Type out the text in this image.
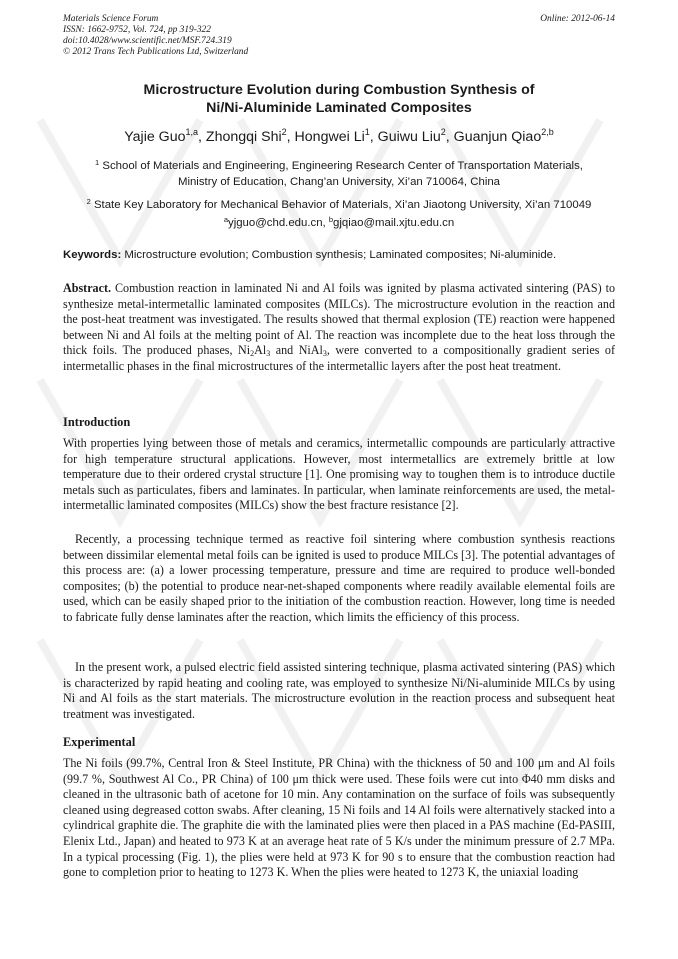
Materials Science Forum
ISSN: 1662-9752, Vol. 724, pp 319-322
doi:10.4028/www.scientific.net/MSF.724.319
© 2012 Trans Tech Publications Ltd, Switzerland
Online: 2012-06-14
Microstructure Evolution during Combustion Synthesis of
Ni/Ni-Aluminide Laminated Composites
Yajie Guo$^{1,a}$, Zhongqi Shi$^2$, Hongwei Li$^1$, Guiwu Liu$^2$, Guanjun Qiao$^{2,b}$
$^1$ School of Materials and Engineering, Engineering Research Center of Transportation Materials,
Ministry of Education, Chang’an University, Xi’an 710064, China
$^2$ State Key Laboratory for Mechanical Behavior of Materials, Xi’an Jiaotong University, Xi’an 710049
$^a$yjguo@chd.edu.cn, $^b$gjqiao@mail.xjtu.edu.cn
Keywords: Microstructure evolution; Combustion synthesis; Laminated composites; Ni-aluminide.
Abstract. Combustion reaction in laminated Ni and Al foils was ignited by plasma activated sintering (PAS) to synthesize metal-intermetallic laminated composites (MILCs). The microstructure evolution in the reaction and the post-heat treatment was investigated. The results showed that thermal explosion (TE) reaction were happened between Ni and Al foils at the melting point of Al. The reaction was incomplete due to the heat loss through the thick foils. The produced phases, $Ni_2Al_3$ and NiAl$_3$, were converted to a compositionally gradient series of intermetallic phases in the final microstructures of the intermetallic layers after the post heat treatment.
Introduction
With properties lying between those of metals and ceramics, intermetallic compounds are particularly attractive for high temperature structural applications. However, most intermetallics are extremely brittle at low temperature due to their ordered crystal structure [1]. One promising way to toughen them is to introduce ductile metals such as particulates, fibers and laminates. In particular, when laminate reinforcements are used, the metal-intermetallic laminated composites (MILCs) show the best fracture resistance [2].
Recently, a processing technique termed as reactive foil sintering where combustion synthesis reactions between dissimilar elemental metal foils can be ignited is used to produce MILCs [3]. The potential advantages of this process are: (a) a lower processing temperature, pressure and time are required to produce well-bonded composites; (b) the potential to produce near-net-shaped components where readily available elemental foils are used, which can be easily shaped prior to the initiation of the combustion reaction. However, long time is needed to fabricate fully dense laminates after the reaction, which limits the efficiency of this process.
In the present work, a pulsed electric field assisted sintering technique, plasma activated sintering (PAS) which is characterized by rapid heating and cooling rate, was employed to synthesize Ni/Ni-aluminide MILCs by using Ni and Al foils as the start materials. The microstructure evolution in the reaction process and subsequent heat treatment was investigated.
Experimental
The Ni foils (99.7%, Central Iron & Steel Institute, PR China) with the thickness of 50 and 100 μm and Al foils (99.7 %, Southwest Al Co., PR China) of 100 μm thick were used. These foils were cut into Φ40 mm disks and cleaned in the ultrasonic bath of acetone for 10 min. Any contamination on the surface of foils was subsequently cleaned using degreased cotton swabs. After cleaning, 15 Ni foils and 14 Al foils were alternatively stacked into a cylindrical graphite die. The graphite die with the laminated plies were then placed in a PAS machine (Ed-PASIII, Elenix Ltd., Japan) and heated to 973 K at an average heat rate of 5 K/s under the minimum pressure of 2.7 MPa. In a typical processing (Fig. 1), the plies were held at 973 K for 90 s to ensure that the combustion reaction had gone to completion prior to heating to 1273 K. When the plies were heated to 1273 K, the uniaxial loading
